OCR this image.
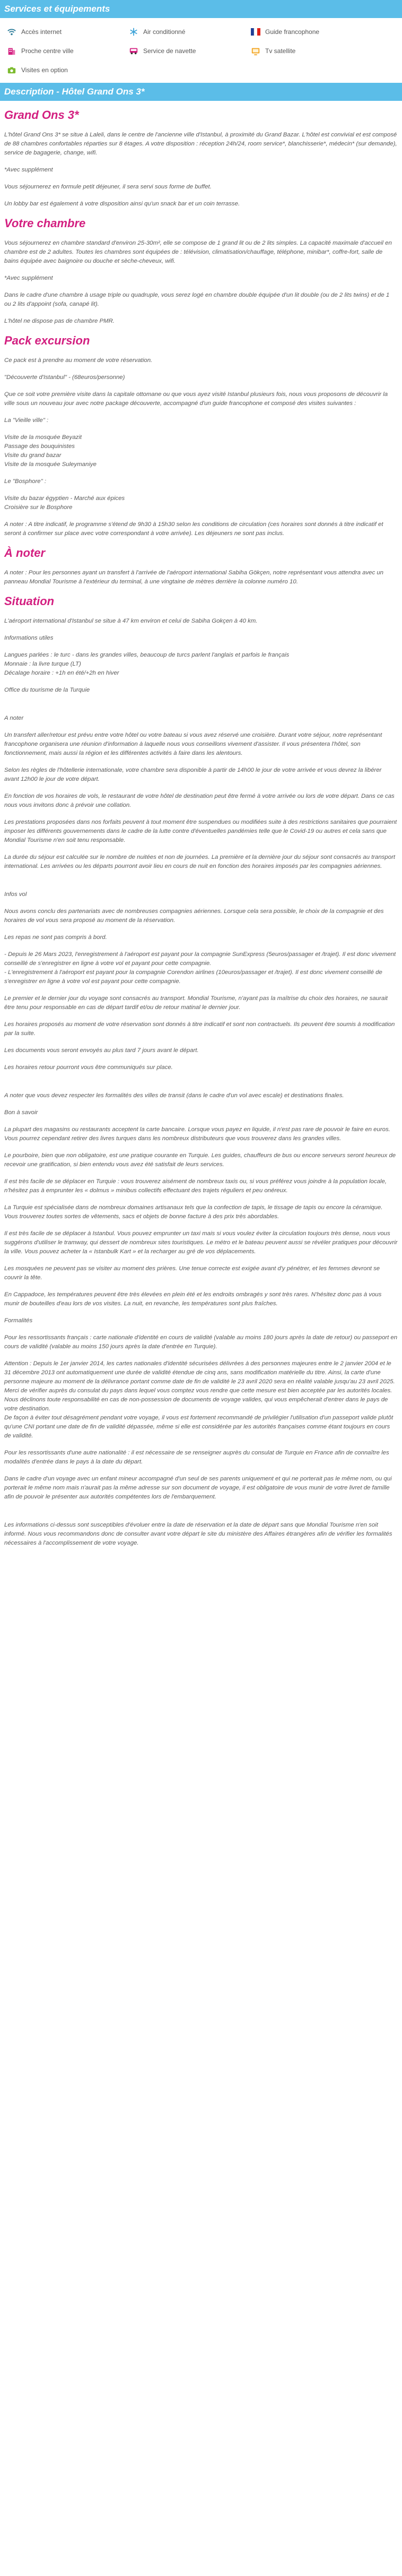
Services et équipements
Accès internet	Air conditionné	Guide francophone
Proche centre ville	Service de navette	Tv satellite
Visites en option
Description - Hôtel Grand Ons 3*
Grand Ons 3*

L'hôtel Grand Ons 3* se situe à Laleli, dans le centre de l'ancienne ville d'Istanbul, à proximité du Grand Bazar. L'hôtel est convivial et est composé de 88 chambres confortables réparties sur 8 étages. A votre disposition : réception 24h/24, room service*, blanchisserie*, médecin* (sur demande), service de bagagerie, change, wifi.

*Avec supplément

Vous séjournerez en formule petit déjeuner, il sera servi sous forme de buffet.

Un lobby bar est également à votre disposition ainsi qu'un snack bar et un coin terrasse.

Votre chambre

Vous séjournerez en chambre standard d'environ 25-30m², elle se compose de 1 grand lit ou de 2 lits simples. La capacité maximale d'accueil en chambre est de 2 adultes. Toutes les chambres sont équipées de : télévision, climatisation/chauffage, téléphone, minibar*, coffre-fort, salle de bains équipée avec baignoire ou douche et sèche-cheveux, wifi.

*Avec supplément

Dans le cadre d'une chambre à usage triple ou quadruple, vous serez logé en chambre double équipée d'un lit double (ou de 2 lits twins) et de 1 ou 2 lits d'appoint (sofa, canapé lit).

L'hôtel ne dispose pas de chambre PMR.

Pack excursion

Ce pack est à prendre au moment de votre réservation.

"Découverte d'Istanbul" - (68euros/personne)

Que ce soit votre première visite dans la capitale ottomane ou que vous ayez visité Istanbul plusieurs fois, nous vous proposons de découvrir la ville sous un nouveau jour avec notre package découverte, accompagné d'un guide francophone et composé des visites suivantes :

La "Vieille ville" :

Visite de la mosquée Beyazit
Passage des bouquinistes
Visite du grand bazar
Visite de la mosquée Suleymaniye

Le "Bosphore" :

Visite du bazar égyptien - Marché aux épices
Croisière sur le Bosphore

A noter : A titre indicatif, le programme s'étend de 9h30 à 15h30 selon les conditions de circulation (ces horaires sont donnés à titre indicatif et seront à confirmer sur place avec votre correspondant à votre arrivée). Les déjeuners ne sont pas inclus.

À noter

A noter : Pour les personnes ayant un transfert à l'arrivée de l'aéroport international Sabiha Gökçen, notre représentant vous attendra avec un panneau Mondial Tourisme à l'extérieur du terminal, à une vingtaine de mètres derrière la colonne numéro 10.

Situation

L'aéroport international d'Istanbul se situe à 47 km environ et celui de Sabiha Gokçen à 40 km.

Informations utiles

Langues parlées : le turc - dans les grandes villes, beaucoup de turcs parlent l'anglais et parfois le français
Monnaie : la livre turque (LT)
Décalage horaire : +1h en été/+2h en hiver

Office du tourisme de la Turquie

A noter

Un transfert aller/retour est prévu entre votre hôtel ou votre bateau si vous avez réservé une croisière. Durant votre séjour, notre représentant francophone organisera une réunion d'information à laquelle nous vous conseillons vivement d'assister. Il vous présentera l'hôtel, son fonctionnement, mais aussi la région et les différentes activités à faire dans les alentours.

Selon les règles de l'hôtellerie internationale, votre chambre sera disponible à partir de 14h00 le jour de votre arrivée et vous devrez la libérer avant 12h00 le jour de votre départ.

En fonction de vos horaires de vols, le restaurant de votre hôtel de destination peut être fermé à votre arrivée ou lors de votre départ. Dans ce cas nous vous invitons donc à prévoir une collation.

Les prestations proposées dans nos forfaits peuvent à tout moment être suspendues ou modifiées suite à des restrictions sanitaires que pourraient imposer les différents gouvernements dans le cadre de la lutte contre d'éventuelles pandémies telle que le Covid-19 ou autres et cela sans que Mondial Tourisme n'en soit tenu responsable.

La durée du séjour est calculée sur le nombre de nuitées et non de journées. La première et la dernière jour du séjour sont consacrés au transport international. Les arrivées ou les départs pourront avoir lieu en cours de nuit en fonction des horaires imposés par les compagnies aériennes.

Infos vol

Nous avons conclu des partenariats avec de nombreuses compagnies aériennes. Lorsque cela sera possible, le choix de la compagnie et des horaires de vol vous sera proposé au moment de la réservation.

Les repas ne sont pas compris à bord.

- Depuis le 26 Mars 2023, l'enregistrement à l'aéroport est payant pour la compagnie SunExpress (5euros/passager et /trajet). Il est donc vivement conseillé de s'enregistrer en ligne à votre vol et payant pour cette compagnie.
- L'enregistrement à l'aéroport est payant pour la compagnie Corendon airlines (10euros/passager et /trajet). Il est donc vivement conseillé de s'enregistrer en ligne à votre vol est payant pour cette compagnie.

Le premier et le dernier jour du voyage sont consacrés au transport. Mondial Tourisme, n'ayant pas la maîtrise du choix des horaires, ne saurait être tenu pour responsable en cas de départ tardif et/ou de retour matinal le dernier jour.

Les horaires proposés au moment de votre réservation sont donnés à titre indicatif et sont non contractuels. Ils peuvent être soumis à modification par la suite.

Les documents vous seront envoyés au plus tard 7 jours avant le départ.

Les horaires retour pourront vous être communiqués sur place.

A noter que vous devez respecter les formalités des villes de transit (dans le cadre d'un vol avec escale) et destinations finales.

Bon à savoir

La plupart des magasins ou restaurants acceptent la carte bancaire. Lorsque vous payez en liquide, il n'est pas rare de pouvoir le faire en euros. Vous pourrez cependant retirer des livres turques dans les nombreux distributeurs que vous trouverez dans les grandes villes.

Le pourboire, bien que non obligatoire, est une pratique courante en Turquie. Les guides, chauffeurs de bus ou encore serveurs seront heureux de recevoir une gratification, si bien entendu vous avez été satisfait de leurs services.

Il est très facile de se déplacer en Turquie : vous trouverez aisément de nombreux taxis ou, si vous préférez vous joindre à la population locale, n'hésitez pas à emprunter les « dolmus » minibus collectifs effectuant des trajets réguliers et peu onéreux.

La Turquie est spécialisée dans de nombreux domaines artisanaux tels que la confection de tapis, le tissage de tapis ou encore la céramique. Vous trouverez toutes sortes de vêtements, sacs et objets de bonne facture à des prix très abordables.

Il est très facile de se déplacer à Istanbul. Vous pouvez emprunter un taxi mais si vous voulez éviter la circulation toujours très dense, nous vous suggérons d'utiliser le tramway, qui dessert de nombreux sites touristiques. Le métro et le bateau peuvent aussi se révéler pratiques pour découvrir la ville. Vous pouvez acheter la « Istanbulk Kart » et la recharger au gré de vos déplacements.

Les mosquées ne peuvent pas se visiter au moment des prières. Une tenue correcte est exigée avant d'y pénétrer, et les femmes devront se couvrir la tête.

En Cappadoce, les températures peuvent être très élevées en plein été et les endroits ombragés y sont très rares. N'hésitez donc pas à vous munir de bouteilles d'eau lors de vos visites. La nuit, en revanche, les températures sont plus fraîches.

Formalités

Pour les ressortissants français : carte nationale d'identité en cours de validité (valable au moins 180 jours après la date de retour) ou passeport en cours de validité (valable au moins 150 jours après la date d'entrée en Turquie).

Attention : Depuis le 1er janvier 2014, les cartes nationales d'identité sécurisées délivrées à des personnes majeures entre le 2 janvier 2004 et le 31 décembre 2013 ont automatiquement une durée de validité étendue de cinq ans, sans modification matérielle du titre. Ainsi, la carte d'une personne majeure au moment de la délivrance portant comme date de fin de validité le 23 avril 2020 sera en réalité valable jusqu'au 23 avril 2025.
Merci de vérifier auprès du consulat du pays dans lequel vous comptez vous rendre que cette mesure est bien acceptée par les autorités locales.
Nous déclinons toute responsabilité en cas de non-possession de documents de voyage valides, qui vous empêcherait d'entrer dans le pays de votre destination.
De façon à éviter tout désagrément pendant votre voyage, il vous est fortement recommandé de privilégier l'utilisation d'un passeport valide plutôt qu'une CNI portant une date de fin de validité dépassée, même si elle est considérée par les autorités françaises comme étant toujours en cours de validité.

Pour les ressortissants d'une autre nationalité : il est nécessaire de se renseigner auprès du consulat de Turquie en France afin de connaître les modalités d'entrée dans le pays à la date du départ.

Dans le cadre d'un voyage avec un enfant mineur accompagné d'un seul de ses parents uniquement et qui ne porterait pas le même nom, ou qui porterait le même nom mais n'aurait pas la même adresse sur son document de voyage, il est obligatoire de vous munir de votre livret de famille afin de pouvoir le présenter aux autorités compétentes lors de l'embarquement.

Les informations ci-dessus sont susceptibles d'évoluer entre la date de réservation et la date de départ sans que Mondial Tourisme n'en soit informé. Nous vous recommandons donc de consulter avant votre départ le site du ministère des Affaires étrangères afin de vérifier les formalités nécessaires à l'accomplissement de votre voyage.
